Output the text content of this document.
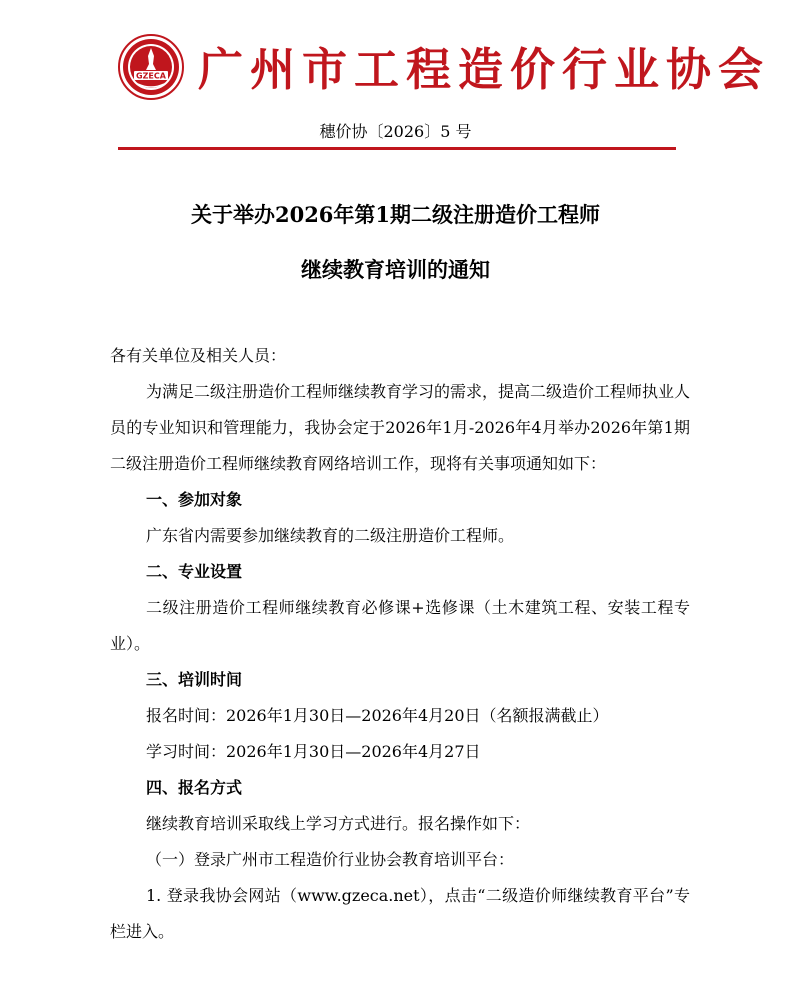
GZECA 广州市工程造价行业协会
穗价协〔2026〕5 号
关于举办2026年第1期二级注册造价工程师
继续教育培训的通知

各有关单位及相关人员：

为满足二级注册造价工程师继续教育学习的需求，提高二级造价工程师执业人员的专业知识和管理能力，我协会定于2026年1月-2026年4月举办2026年第1期二级注册造价工程师继续教育网络培训工作，现将有关事项通知如下：

一、参加对象

广东省内需要参加继续教育的二级注册造价工程师。

二、专业设置

二级注册造价工程师继续教育必修课+选修课（土木建筑工程、安装工程专业）。

三、培训时间

报名时间：2026年1月30日—2026年4月20日（名额报满截止）

学习时间：2026年1月30日—2026年4月27日

四、报名方式

继续教育培训采取线上学习方式进行。报名操作如下：

（一）登录广州市工程造价行业协会教育培训平台：

1. 登录我协会网站（www.gzeca.net），点击“二级造价师继续教育平台”专栏进入。
